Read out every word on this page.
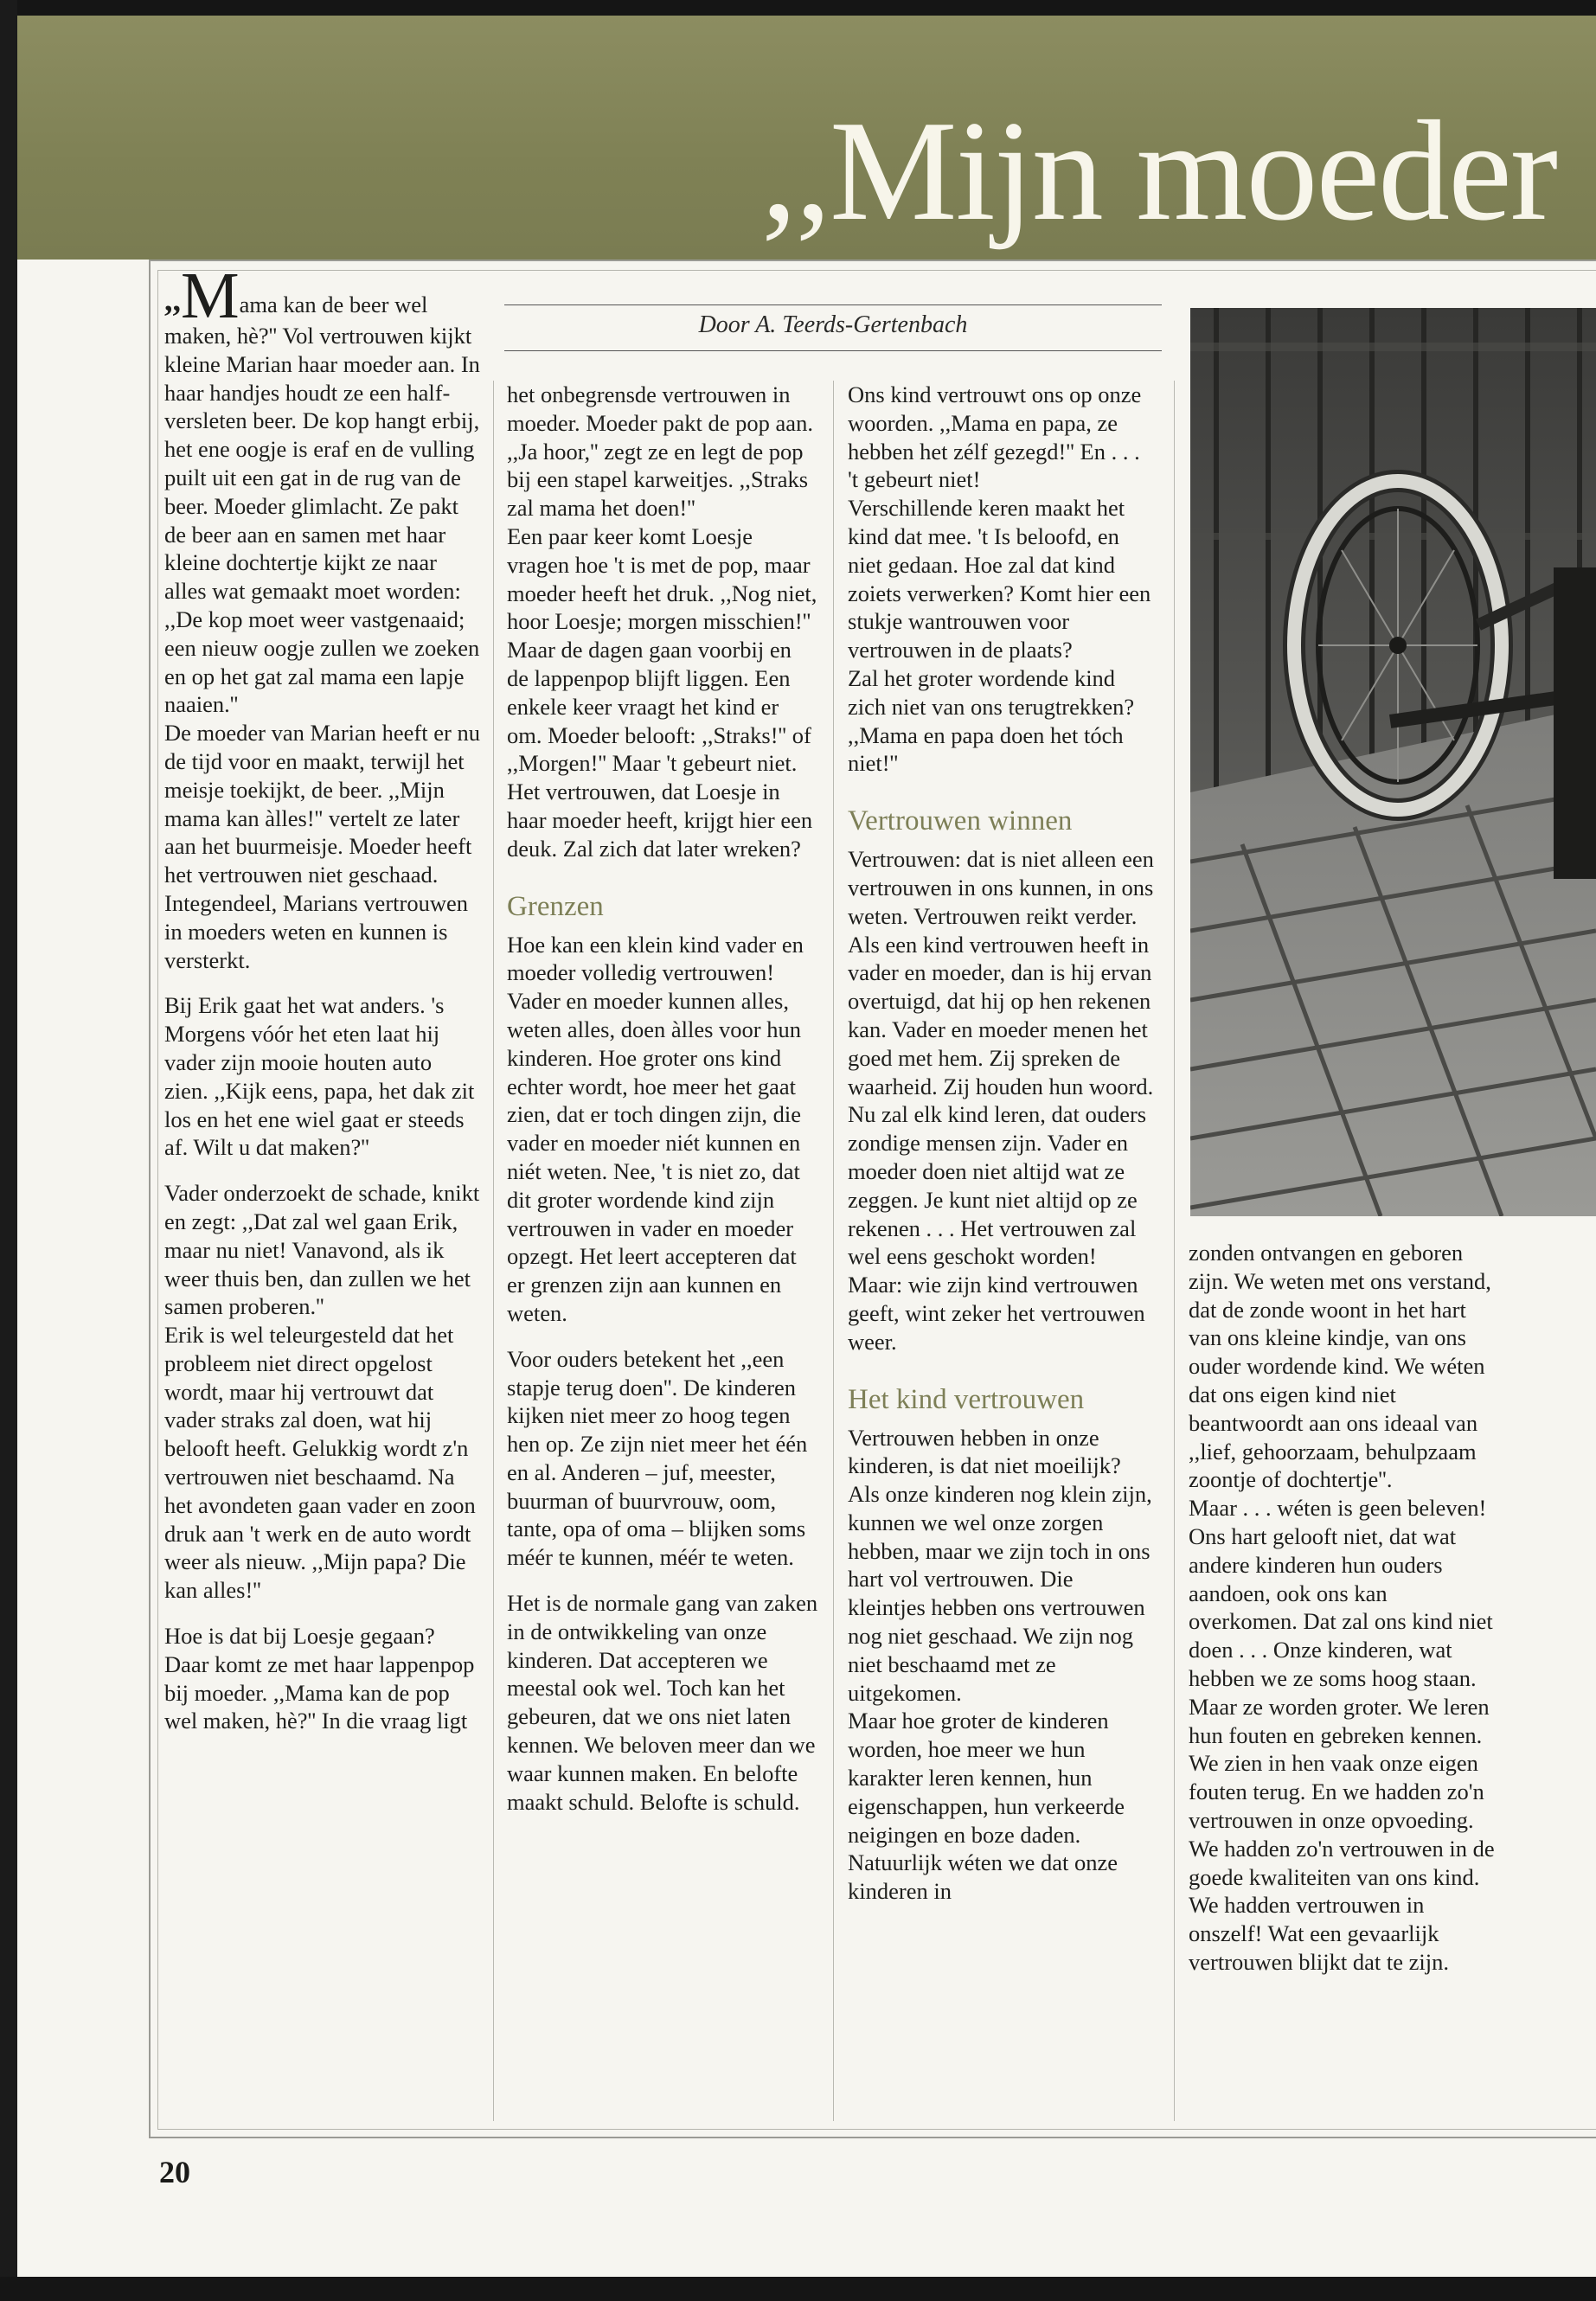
,,Mijn moeder
Door A. Teerds-Gertenbach

,,Mama kan de beer wel maken, hè?'' Vol vertrouwen kijkt kleine Marian haar moeder aan. In haar handjes houdt ze een half-versleten beer. De kop hangt erbij, het ene oogje is eraf en de vulling puilt uit een gat in de rug van de beer. Moeder glimlacht. Ze pakt de beer aan en samen met haar kleine dochtertje kijkt ze naar alles wat gemaakt moet worden: ,,De kop moet weer vastgenaaid; een nieuw oogje zullen we zoeken en op het gat zal mama een lapje naaien.''

De moeder van Marian heeft er nu de tijd voor en maakt, terwijl het meisje toekijkt, de beer. ,,Mijn mama kan àlles!'' vertelt ze later aan het buurmeisje. Moeder heeft het vertrouwen niet geschaad. Integendeel, Marians vertrouwen in moeders weten en kunnen is versterkt.

Bij Erik gaat het wat anders. 's Morgens vóór het eten laat hij vader zijn mooie houten auto zien. ,,Kijk eens, papa, het dak zit los en het ene wiel gaat er steeds af. Wilt u dat maken?''

Vader onderzoekt de schade, knikt en zegt: ,,Dat zal wel gaan Erik, maar nu niet! Vanavond, als ik weer thuis ben, dan zullen we het samen proberen.''

Erik is wel teleurgesteld dat het probleem niet direct opgelost wordt, maar hij vertrouwt dat vader straks zal doen, wat hij belooft heeft. Gelukkig wordt z'n vertrouwen niet beschaamd. Na het avondeten gaan vader en zoon druk aan 't werk en de auto wordt weer als nieuw. ,,Mijn papa? Die kan alles!''

Hoe is dat bij Loesje gegaan? Daar komt ze met haar lappenpop bij moeder. ,,Mama kan de pop wel maken, hè?'' In die vraag ligt

het onbegrensde vertrouwen in moeder. Moeder pakt de pop aan. ,,Ja hoor,'' zegt ze en legt de pop bij een stapel karweitjes. ,,Straks zal mama het doen!''

Een paar keer komt Loesje vragen hoe 't is met de pop, maar moeder heeft het druk. ,,Nog niet, hoor Loesje; morgen misschien!''

Maar de dagen gaan voorbij en de lappenpop blijft liggen. Een enkele keer vraagt het kind er om. Moeder belooft: ,,Straks!'' of ,,Morgen!'' Maar 't gebeurt niet. Het vertrouwen, dat Loesje in haar moeder heeft, krijgt hier een deuk. Zal zich dat later wreken?

Grenzen

Hoe kan een klein kind vader en moeder volledig vertrouwen! Vader en moeder kunnen alles, weten alles, doen àlles voor hun kinderen. Hoe groter ons kind echter wordt, hoe meer het gaat zien, dat er toch dingen zijn, die vader en moeder niét kunnen en niét weten. Nee, 't is niet zo, dat dit groter wordende kind zijn vertrouwen in vader en moeder opzegt. Het leert accepteren dat er grenzen zijn aan kunnen en weten.

Voor ouders betekent het ,,een stapje terug doen''. De kinderen kijken niet meer zo hoog tegen hen op. Ze zijn niet meer het één en al. Anderen – juf, meester, buurman of buurvrouw, oom, tante, opa of oma – blijken soms méér te kunnen, méér te weten.

Het is de normale gang van zaken in de ontwikkeling van onze kinderen. Dat accepteren we meestal ook wel. Toch kan het gebeuren, dat we ons niet laten kennen. We beloven meer dan we waar kunnen maken. En belofte maakt schuld. Belofte is schuld.

Ons kind vertrouwt ons op onze woorden. ,,Mama en papa, ze hebben het zélf gezegd!'' En . . . 't gebeurt niet!

Verschillende keren maakt het kind dat mee. 't Is beloofd, en niet gedaan. Hoe zal dat kind zoiets verwerken? Komt hier een stukje wantrouwen voor vertrouwen in de plaats?

Zal het groter wordende kind zich niet van ons terugtrekken? ,,Mama en papa doen het tóch niet!''

Vertrouwen winnen

Vertrouwen: dat is niet alleen een vertrouwen in ons kunnen, in ons weten. Vertrouwen reikt verder. Als een kind vertrouwen heeft in vader en moeder, dan is hij ervan overtuigd, dat hij op hen rekenen kan. Vader en moeder menen het goed met hem. Zij spreken de waarheid. Zij houden hun woord.

Nu zal elk kind leren, dat ouders zondige mensen zijn. Vader en moeder doen niet altijd wat ze zeggen. Je kunt niet altijd op ze rekenen . . . Het vertrouwen zal wel eens geschokt worden! Maar: wie zijn kind vertrouwen geeft, wint zeker het vertrouwen weer.

Het kind vertrouwen

Vertrouwen hebben in onze kinderen, is dat niet moeilijk? Als onze kinderen nog klein zijn, kunnen we wel onze zorgen hebben, maar we zijn toch in ons hart vol vertrouwen. Die kleintjes hebben ons vertrouwen nog niet geschaad. We zijn nog niet beschaamd met ze uitgekomen.

Maar hoe groter de kinderen worden, hoe meer we hun karakter leren kennen, hun eigenschappen, hun verkeerde neigingen en boze daden. Natuurlijk wéten we dat onze kinderen in

zonden ontvangen en geboren zijn. We weten met ons verstand, dat de zonde woont in het hart van ons kleine kindje, van ons ouder wordende kind. We wéten dat ons eigen kind niet beantwoordt aan ons ideaal van ,,lief, gehoorzaam, behulpzaam zoontje of dochtertje''.

Maar . . . wéten is geen beleven! Ons hart gelooft niet, dat wat andere kinderen hun ouders aandoen, ook ons kan overkomen. Dat zal ons kind niet doen . . . Onze kinderen, wat hebben we ze soms hoog staan. Maar ze worden groter. We leren hun fouten en gebreken kennen. We zien in hen vaak onze eigen fouten terug. En we hadden zo'n vertrouwen in onze opvoeding. We hadden zo'n vertrouwen in de goede kwaliteiten van ons kind. We hadden vertrouwen in onszelf! Wat een gevaarlijk vertrouwen blijkt dat te zijn.

20
